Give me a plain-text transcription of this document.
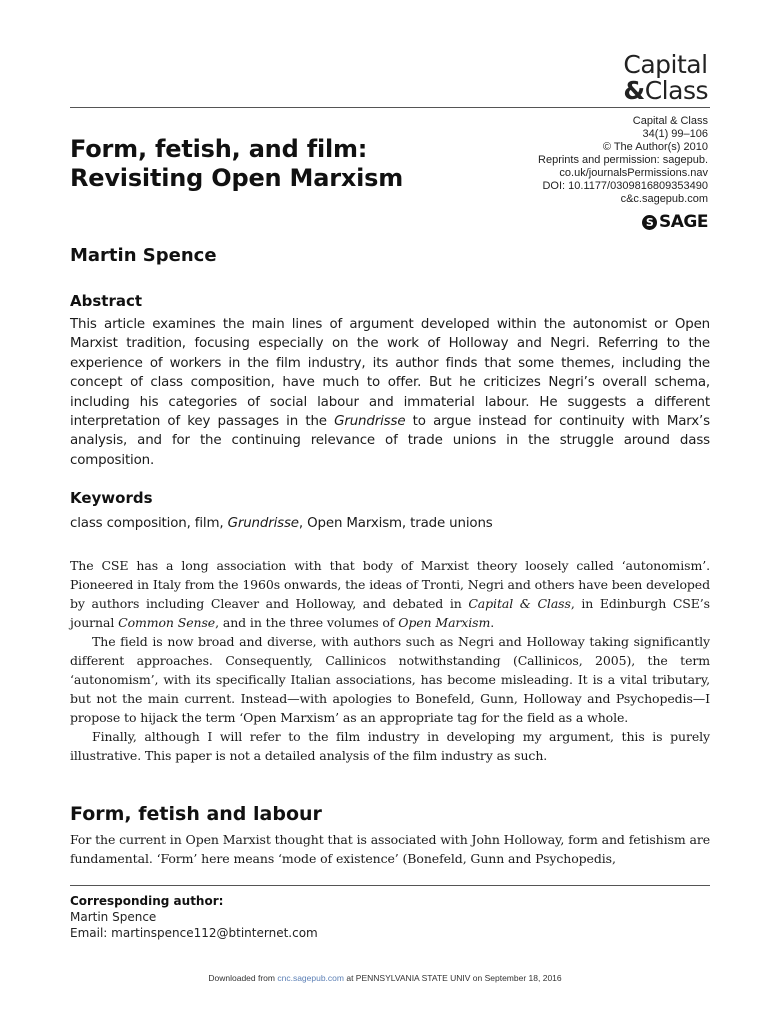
Capital
&Class
Form, fetish, and film:
Revisiting Open Marxism
Capital & Class
34(1) 99–106
© The Author(s) 2010
Reprints and permission: sagepub.
co.uk/journalsPermissions.nav
DOI: 10.1177/0309816809353490
c&c.sagepub.com
S SAGE
Martin Spence
Abstract
This article examines the main lines of argument developed within the autonomist or Open Marxist tradition, focusing especially on the work of Holloway and Negri. Referring to the experience of workers in the film industry, its author finds that some themes, including the concept of class composition, have much to offer. But he criticizes Negri’s overall schema, including his categories of social labour and immaterial labour. He suggests a different interpretation of key passages in the Grundrisse to argue instead for continuity with Marx’s analysis, and for the continuing relevance of trade unions in the struggle around dass composition.
Keywords
class composition, film, Grundrisse, Open Marxism, trade unions

The CSE has a long association with that body of Marxist theory loosely called ‘autonomism’. Pioneered in Italy from the 1960s onwards, the ideas of Tronti, Negri and others have been developed by authors including Cleaver and Holloway, and debated in Capital & Class, in Edinburgh CSE’s journal Common Sense, and in the three volumes of Open Marxism.

The field is now broad and diverse, with authors such as Negri and Holloway taking significantly different approaches. Consequently, Callinicos notwithstanding (Callinicos, 2005), the term ‘autonomism’, with its specifically Italian associations, has become misleading. It is a vital tributary, but not the main current. Instead—with apologies to Bonefeld, Gunn, Holloway and Psychopedis—I propose to hijack the term ‘Open Marxism’ as an appropriate tag for the field as a whole.

Finally, although I will refer to the film industry in developing my argument, this is purely illustrative. This paper is not a detailed analysis of the film industry as such.

Form, fetish and labour
For the current in Open Marxist thought that is associated with John Holloway, form and fetishism are fundamental. ‘Form’ here means ‘mode of existence’ (Bonefeld, Gunn and Psychopedis,
Corresponding author:
Martin Spence
Email: martinspence112@btinternet.com
Downloaded from cnc.sagepub.com at PENNSYLVANIA STATE UNIV on September 18, 2016
